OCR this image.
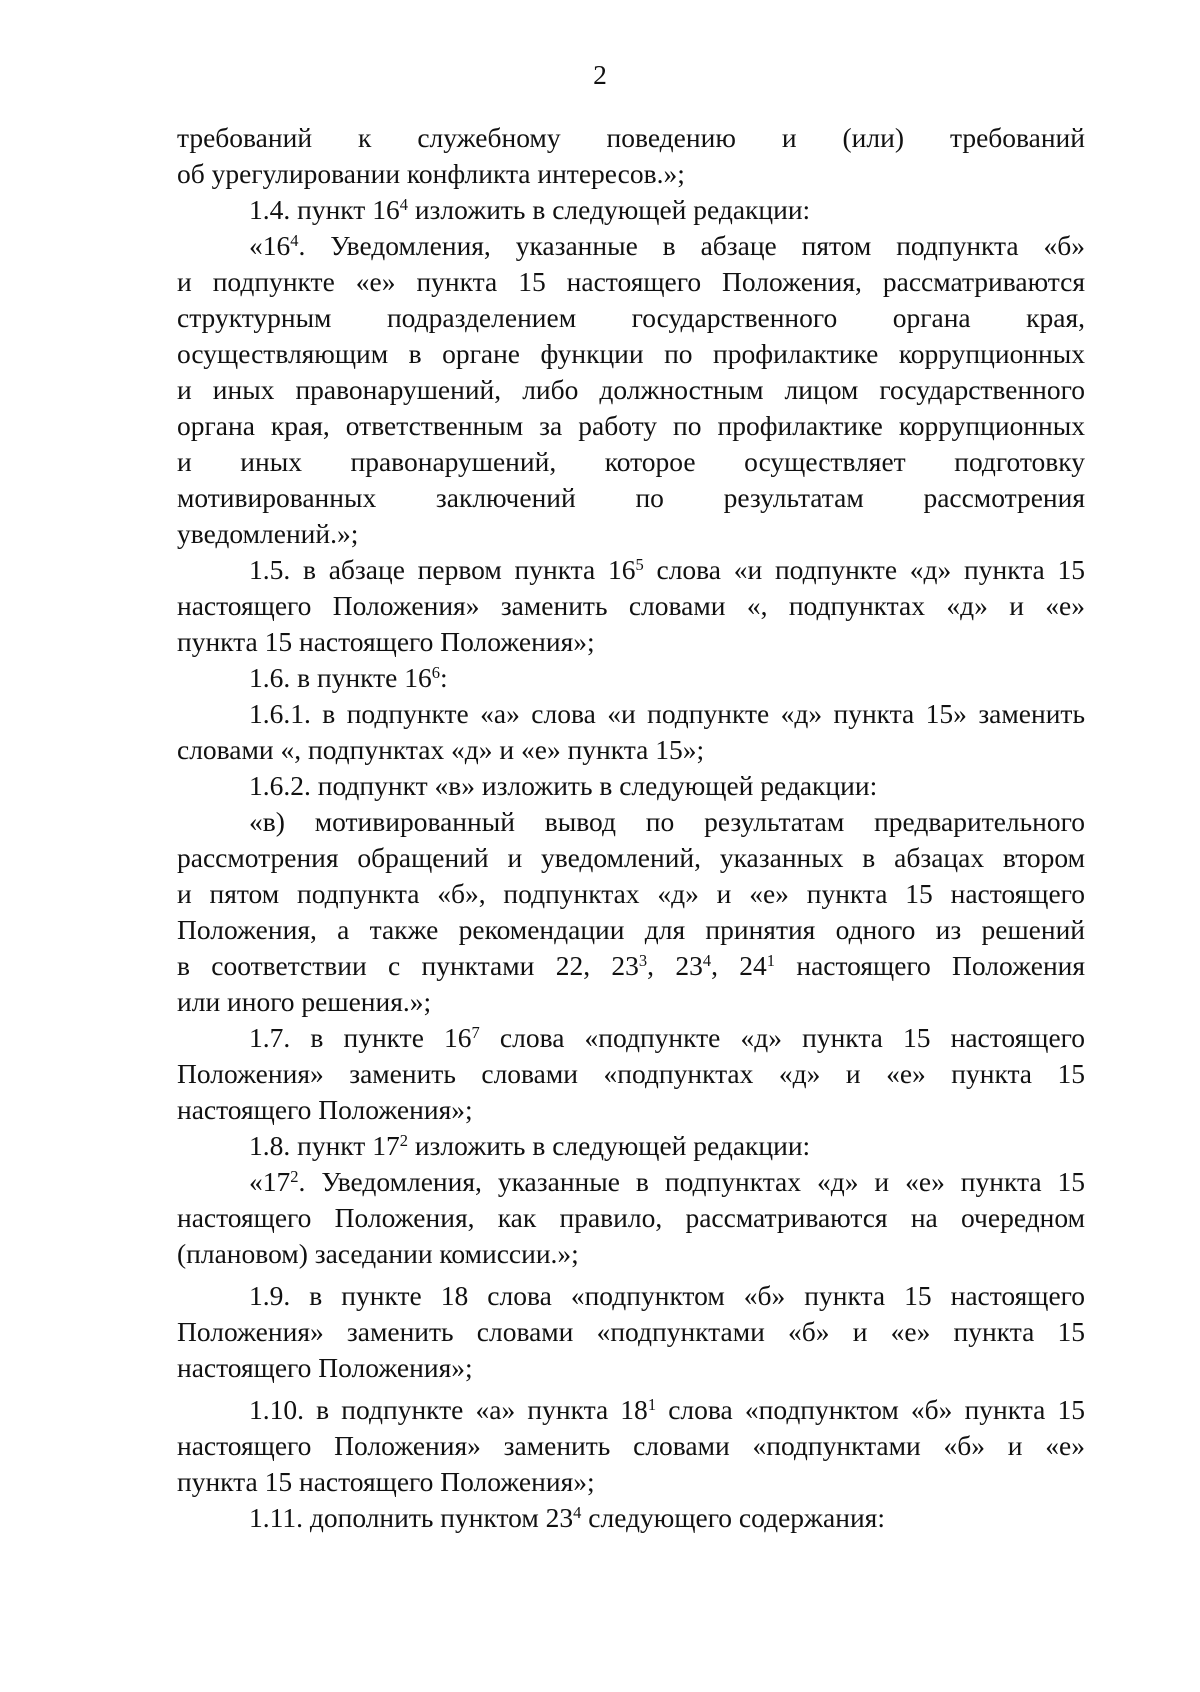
2
требований к служебному поведению и (или) требований
об урегулировании конфликта интересов.»;
1.4. пункт $16^4$ изложить в следующей редакции:
«$16^4$. Уведомления, указанные в абзаце пятом подпункта «б»
и подпункте «е» пункта 15 настоящего Положения, рассматриваются
структурным подразделением государственного органа края,
осуществляющим в органе функции по профилактике коррупционных
и иных правонарушений, либо должностным лицом государственного
органа края, ответственным за работу по профилактике коррупционных
и иных правонарушений, которое осуществляет подготовку
мотивированных заключений по результатам рассмотрения
уведомлений.»;
1.5. в абзаце первом пункта $16^5$ слова «и подпункте «д» пункта 15
настоящего Положения» заменить словами «, подпунктах «д» и «е»
пункта 15 настоящего Положения»;
1.6. в пункте $16^6$:
1.6.1. в подпункте «а» слова «и подпункте «д» пункта 15» заменить
словами «, подпунктах «д» и «е» пункта 15»;
1.6.2. подпункт «в» изложить в следующей редакции:
«в) мотивированный вывод по результатам предварительного
рассмотрения обращений и уведомлений, указанных в абзацах втором
и пятом подпункта «б», подпунктах «д» и «е» пункта 15 настоящего
Положения, а также рекомендации для принятия одного из решений
в соответствии с пунктами 22, $23^3$, $23^4$, $24^1$ настоящего Положения
или иного решения.»;
1.7. в пункте $16^7$ слова «подпункте «д» пункта 15 настоящего
Положения» заменить словами «подпунктах «д» и «е» пункта 15
настоящего Положения»;
1.8. пункт $17^2$ изложить в следующей редакции:
«$17^2$. Уведомления, указанные в подпунктах «д» и «е» пункта 15
настоящего Положения, как правило, рассматриваются на очередном
(плановом) заседании комиссии.»;
1.9. в пункте 18 слова «подпунктом «б» пункта 15 настоящего
Положения» заменить словами «подпунктами «б» и «е» пункта 15
настоящего Положения»;
1.10. в подпункте «а» пункта $18^1$ слова «подпунктом «б» пункта 15
настоящего Положения» заменить словами «подпунктами «б» и «е»
пункта 15 настоящего Положения»;
1.11. дополнить пунктом $23^4$ следующего содержания:
